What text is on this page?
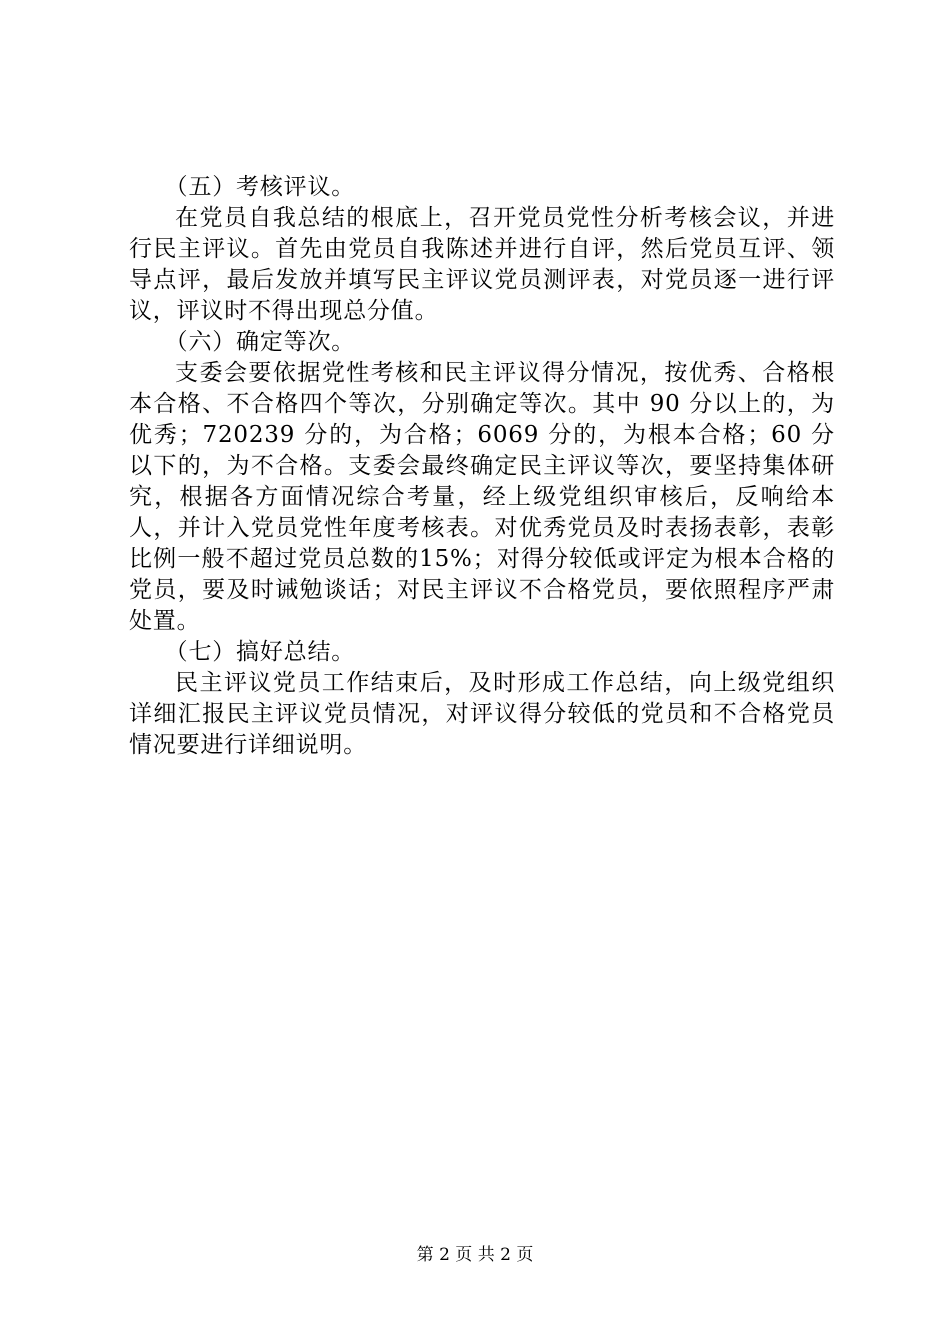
（五）考核评议。

在党员自我总结的根底上，召开党员党性分析考核会议，并进行民主评议。首先由党员自我陈述并进行自评，然后党员互评、领导点评，最后发放并填写民主评议党员测评表，对党员逐一进行评议，评议时不得出现总分值。

（六）确定等次。

支委会要依据党性考核和民主评议得分情况，按优秀、合格根本合格、不合格四个等次，分别确定等次。其中 90 分以上的，为优秀；720239 分的，为合格；6069 分的，为根本合格；60 分以下的，为不合格。支委会最终确定民主评议等次，要坚持集体研究，根据各方面情况综合考量，经上级党组织审核后，反响给本人，并计入党员党性年度考核表。对优秀党员及时表扬表彰，表彰比例一般不超过党员总数的15%；对得分较低或评定为根本合格的党员，要及时诫勉谈话；对民主评议不合格党员，要依照程序严肃处置。

（七）搞好总结。

民主评议党员工作结束后，及时形成工作总结，向上级党组织详细汇报民主评议党员情况，对评议得分较低的党员和不合格党员情况要进行详细说明。

第 2 页 共 2 页
